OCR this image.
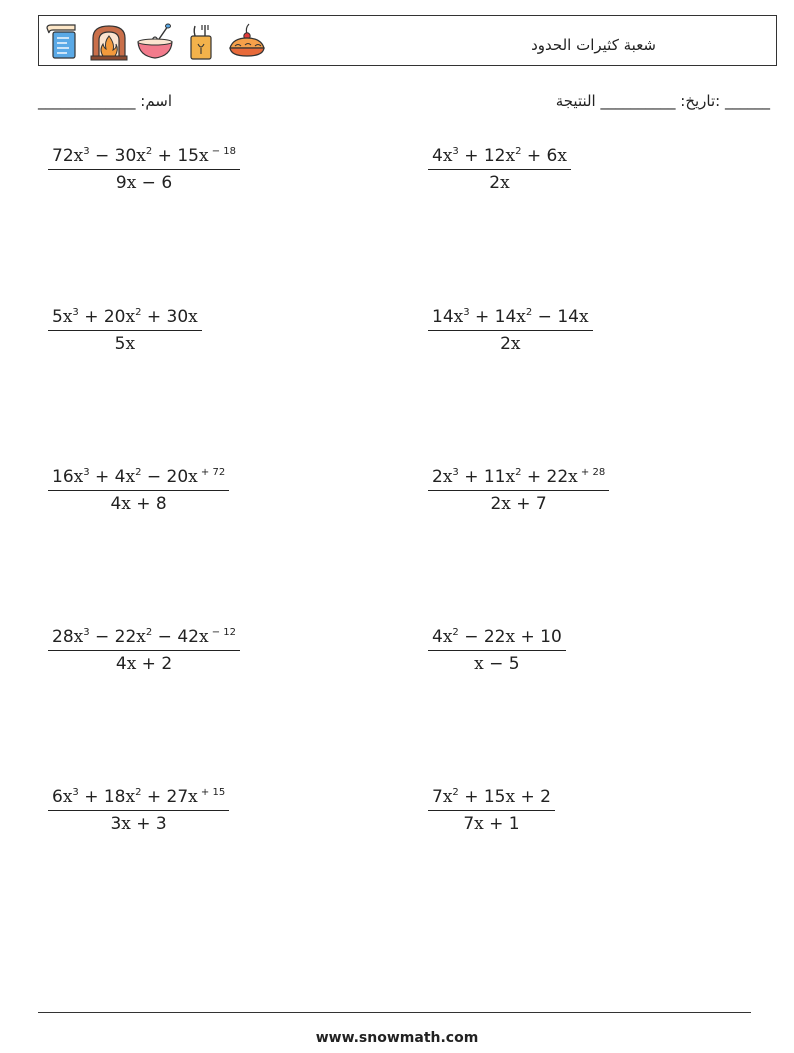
شعبة كثيرات الحدود
_____________ :اسم	______ :تاريخ: __________ النتيجة
$\frac{72x^3 - 30x^2 + 15x ^{- 18}}{9x - 6}$	$\frac{4x^3 + 12x^2 + 6x}{2x}$
$\frac{5x^3 + 20x^2 + 30x}{5x}$	$\frac{14x^3 + 14x^2 - 14x}{2x}$
$\frac{16x^3 + 4x^2 - 20x ^{+ 72}}{4x + 8}$	$\frac{2x^3 + 11x^2 + 22x ^{+ 28}}{2x + 7}$
$\frac{28x^3 - 22x^2 - 42x ^{- 12}}{4x + 2}$	$\frac{4x^2 - 22x + 10}{x - 5}$
$\frac{6x^3 + 18x^2 + 27x ^{+ 15}}{3x + 3}$	$\frac{7x^2 + 15x + 2}{7x + 1}$
www.snowmath.com
